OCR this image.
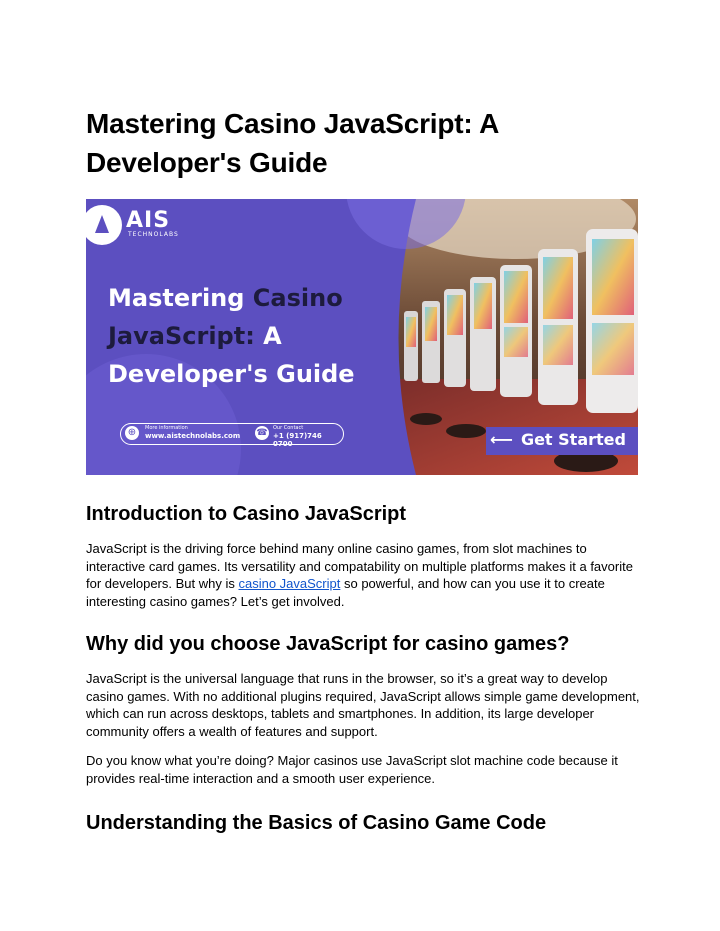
Mastering Casino JavaScript: A Developer's Guide
AIS
TECHNOLABS
Mastering Casino
JavaScript: A
Developer's Guide
⊕	More information
www.aistechnolabs.com ☎ Our Contact
+1 (917)746 0700	⟵ Get Started
Introduction to Casino JavaScript

JavaScript is the driving force behind many online casino games, from slot machines to interactive card games. Its versatility and compatability on multiple platforms makes it a favorite for developers. But why is casino JavaScript so powerful, and how can you use it to create interesting casino games? Let’s get involved.

Why did you choose JavaScript for casino games?

JavaScript is the universal language that runs in the browser, so it’s a great way to develop casino games. With no additional plugins required, JavaScript allows simple game development, which can run across desktops, tablets and smartphones. In addition, its large developer community offers a wealth of features and support.

Do you know what you’re doing? Major casinos use JavaScript slot machine code because it provides real-time interaction and a smooth user experience.

Understanding the Basics of Casino Game Code
